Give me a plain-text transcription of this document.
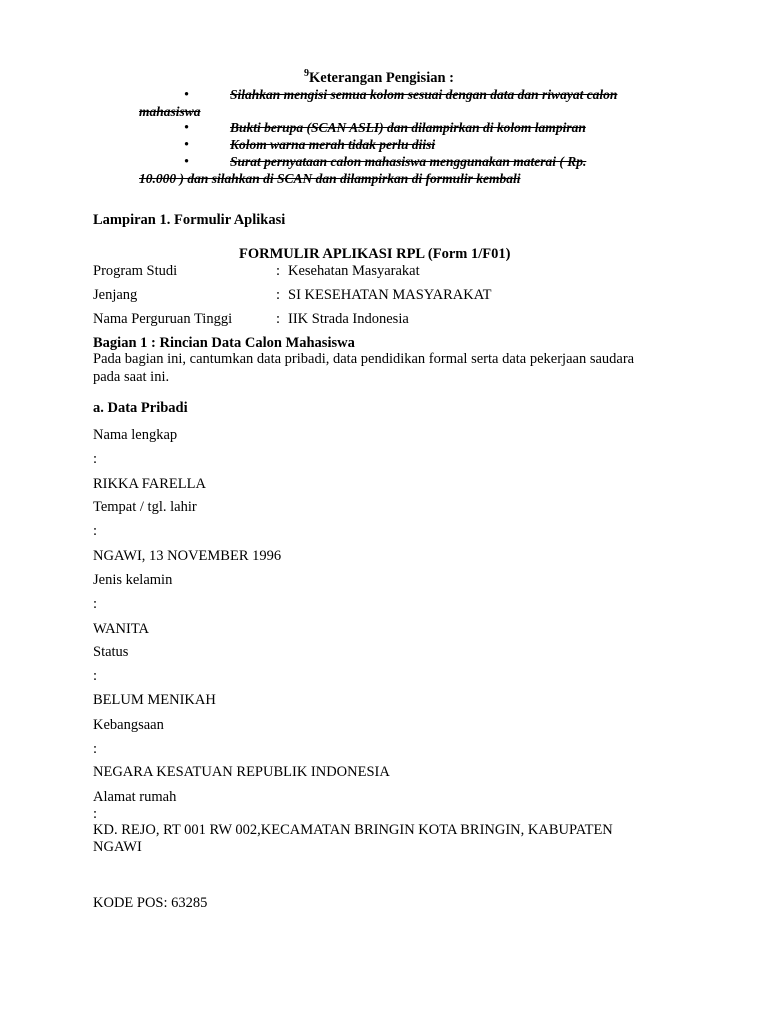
$^9$Keterangan Pengisian :
•	Silahkan mengisi semua kolom sesuai dengan data dan riwayat calon
mahasiswa
•	Bukti berupa (SCAN ASLI) dan dilampirkan di kolom lampiran
•	Kolom warna merah tidak perlu diisi
•	Surat pernyataan calon mahasiswa menggunakan materai ( Rp.
10.000 ) dan silahkan di SCAN dan dilampirkan di formulir kembali
Lampiran 1. Formulir Aplikasi
FORMULIR APLIKASI RPL (Form 1/F01)
Program Studi	: Kesehatan Masyarakat
Jenjang	: SI KESEHATAN MASYARAKAT
Nama Perguruan Tinggi	: IIK Strada Indonesia
Bagian 1 : Rincian Data Calon Mahasiswa
Pada bagian ini, cantumkan data pribadi, data pendidikan formal serta data pekerjaan saudara
pada saat ini.
a. Data Pribadi
Nama lengkap
:
RIKKA FARELLA
Tempat / tgl. lahir
:
NGAWI, 13 NOVEMBER 1996
Jenis kelamin
:
WANITA
Status
:
BELUM MENIKAH
Kebangsaan
:
NEGARA KESATUAN REPUBLIK INDONESIA
Alamat rumah
:
KD. REJO, RT 001 RW 002,KECAMATAN BRINGIN KOTA BRINGIN, KABUPATEN
NGAWI
KODE POS: 63285
